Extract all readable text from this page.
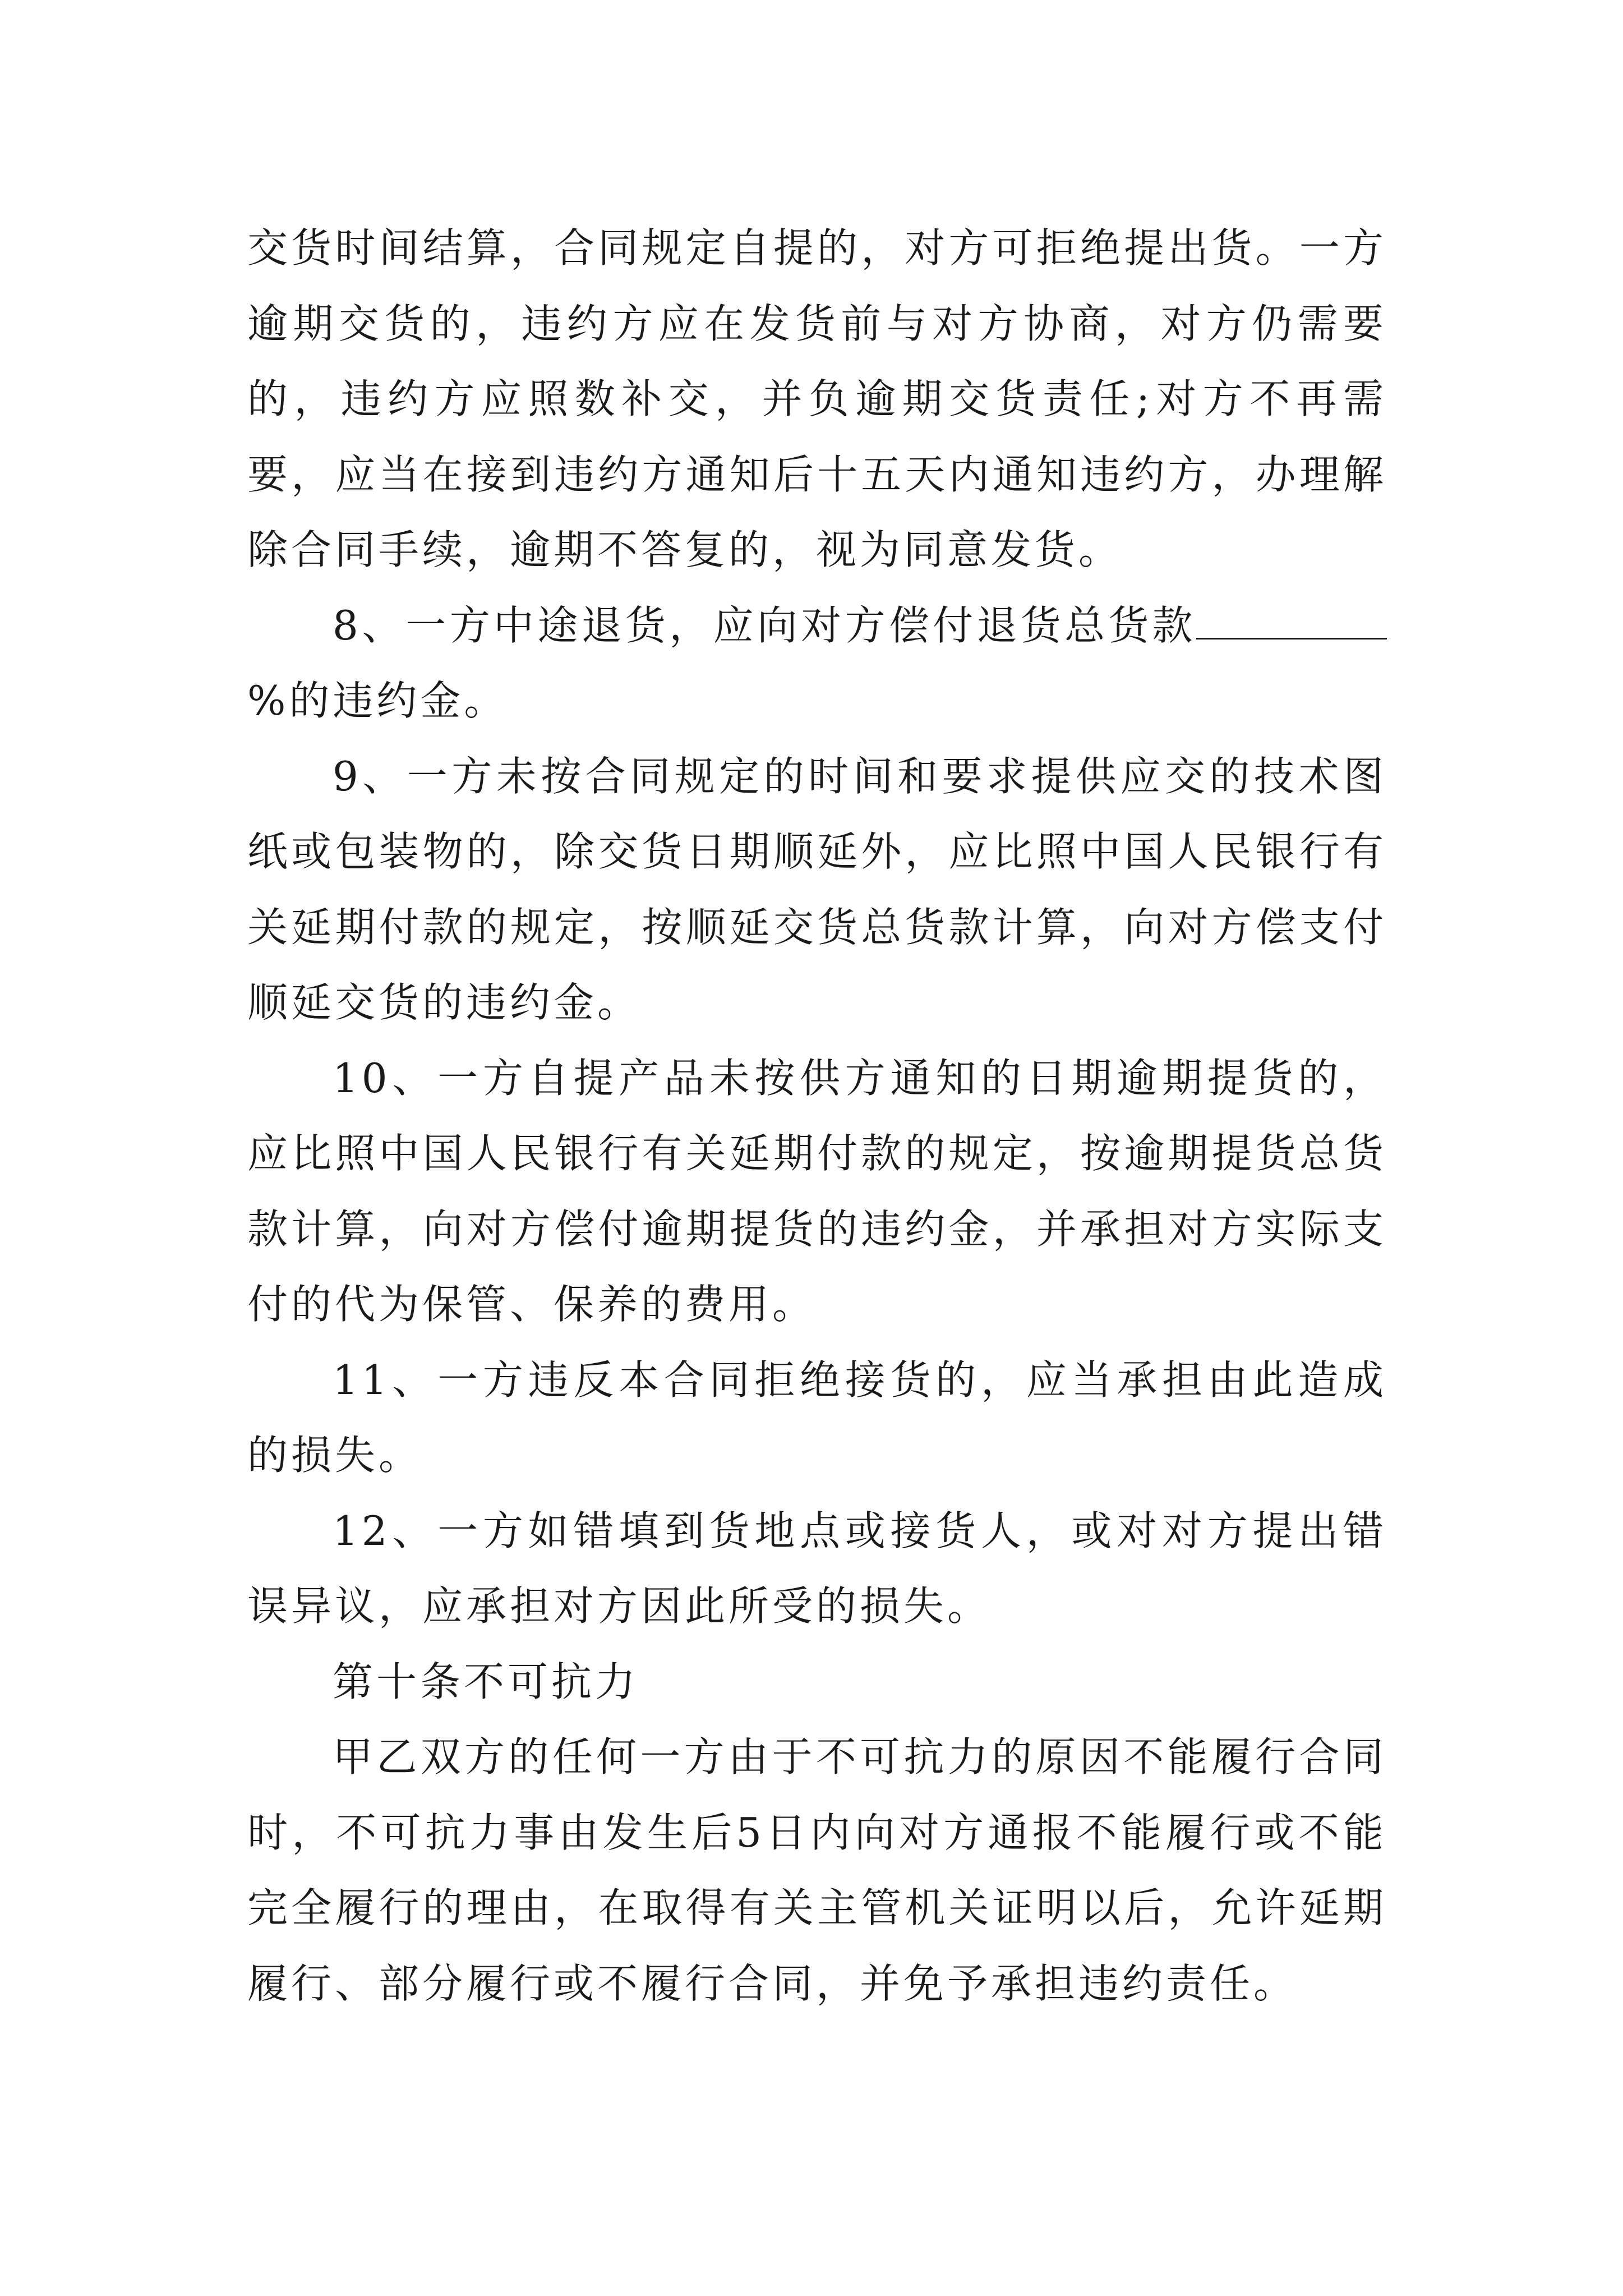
交货时间结算，合同规定自提的，对方可拒绝提出货。一方逾期交货的，违约方应在发货前与对方协商，对方仍需要的，违约方应照数补交，并负逾期交货责任;对方不再需要，应当在接到违约方通知后十五天内通知违约方，办理解除合同手续，逾期不答复的，视为同意发货。

8、一方中途退货，应向对方偿付退货总货款%的违约金。

9、一方未按合同规定的时间和要求提供应交的技术图纸或包装物的，除交货日期顺延外，应比照中国人民银行有关延期付款的规定，按顺延交货总货款计算，向对方偿支付顺延交货的违约金。

10、一方自提产品未按供方通知的日期逾期提货的，应比照中国人民银行有关延期付款的规定，按逾期提货总货款计算，向对方偿付逾期提货的违约金，并承担对方实际支付的代为保管、保养的费用。

11、一方违反本合同拒绝接货的，应当承担由此造成的损失。

12、一方如错填到货地点或接货人，或对对方提出错误异议，应承担对方因此所受的损失。

第十条不可抗力

甲乙双方的任何一方由于不可抗力的原因不能履行合同时，不可抗力事由发生后5日内向对方通报不能履行或不能完全履行的理由，在取得有关主管机关证明以后，允许延期履行、部分履行或不履行合同，并免予承担违约责任。
